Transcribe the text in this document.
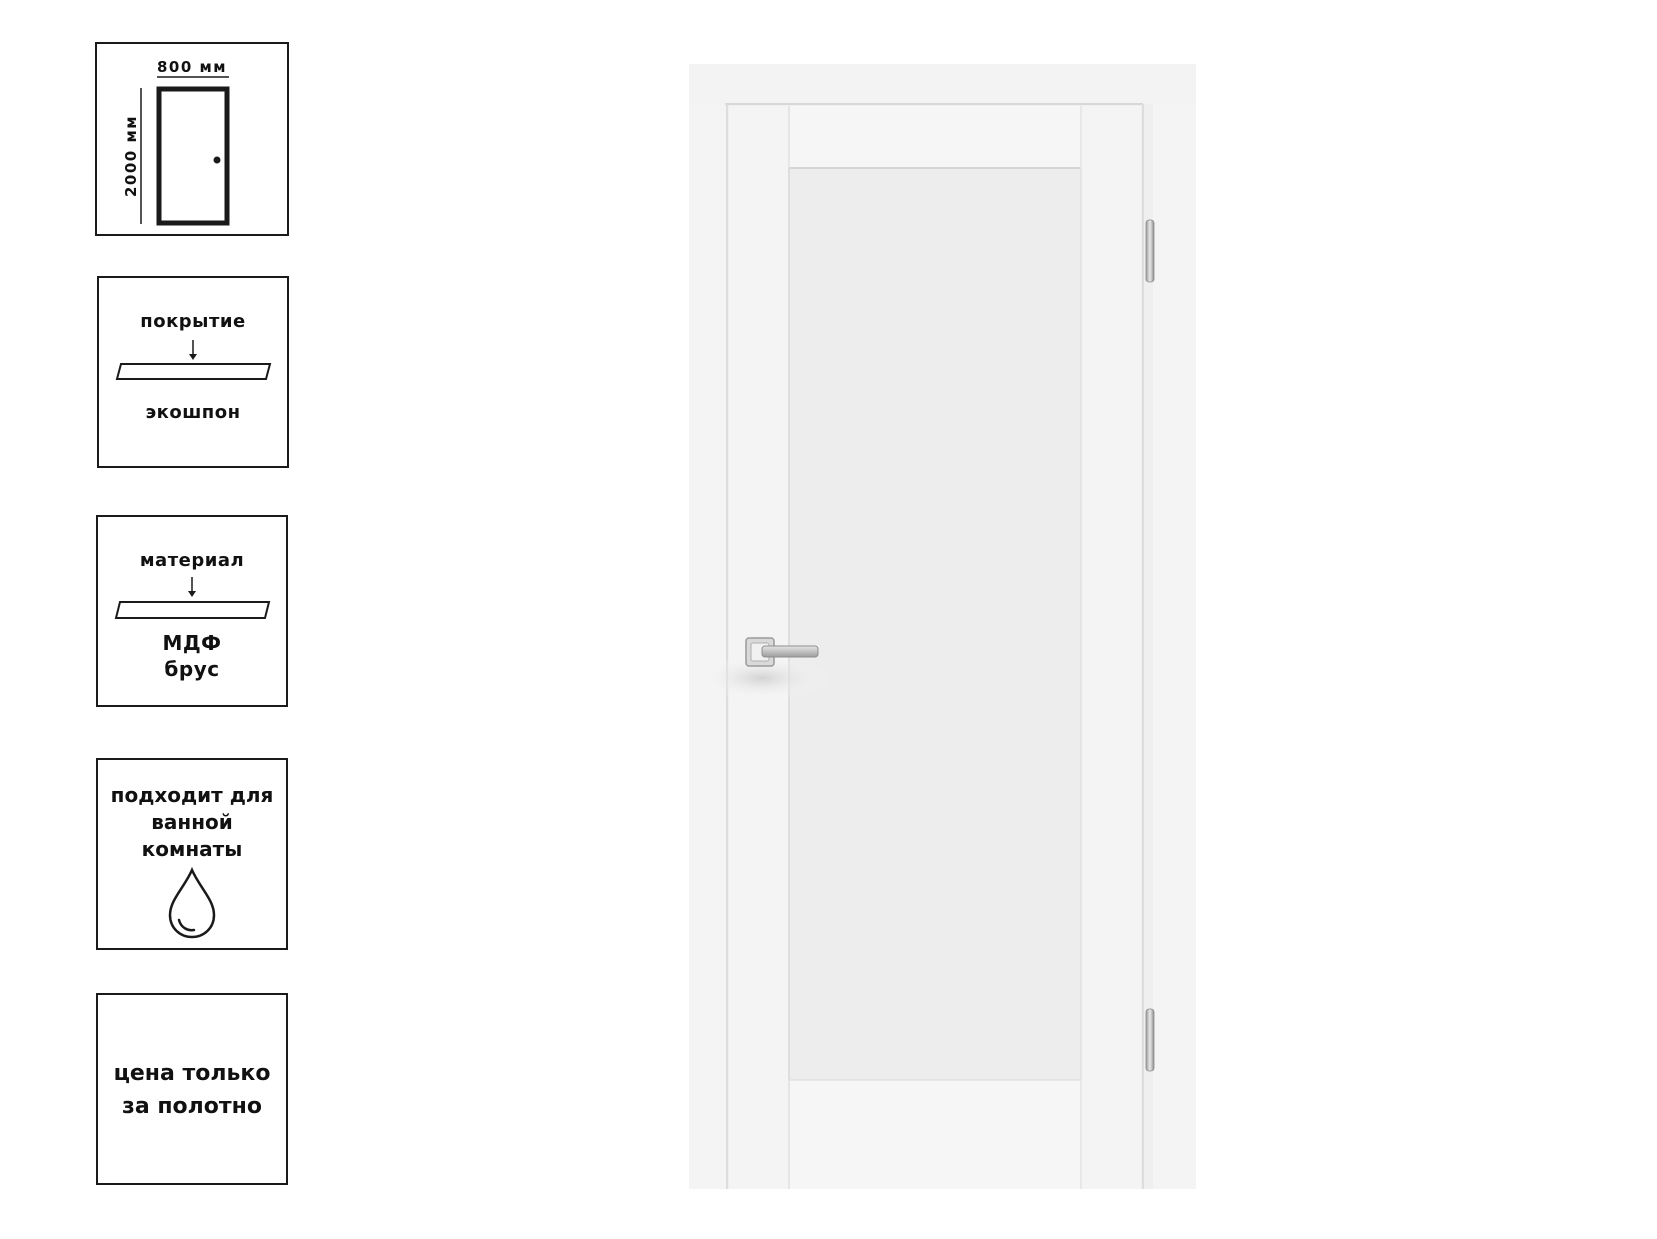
800 мм
2000 мм
покрытие
экошпон
материал
МДФ
брус
подходит для
ванной
комнаты
цена только
за полотно
